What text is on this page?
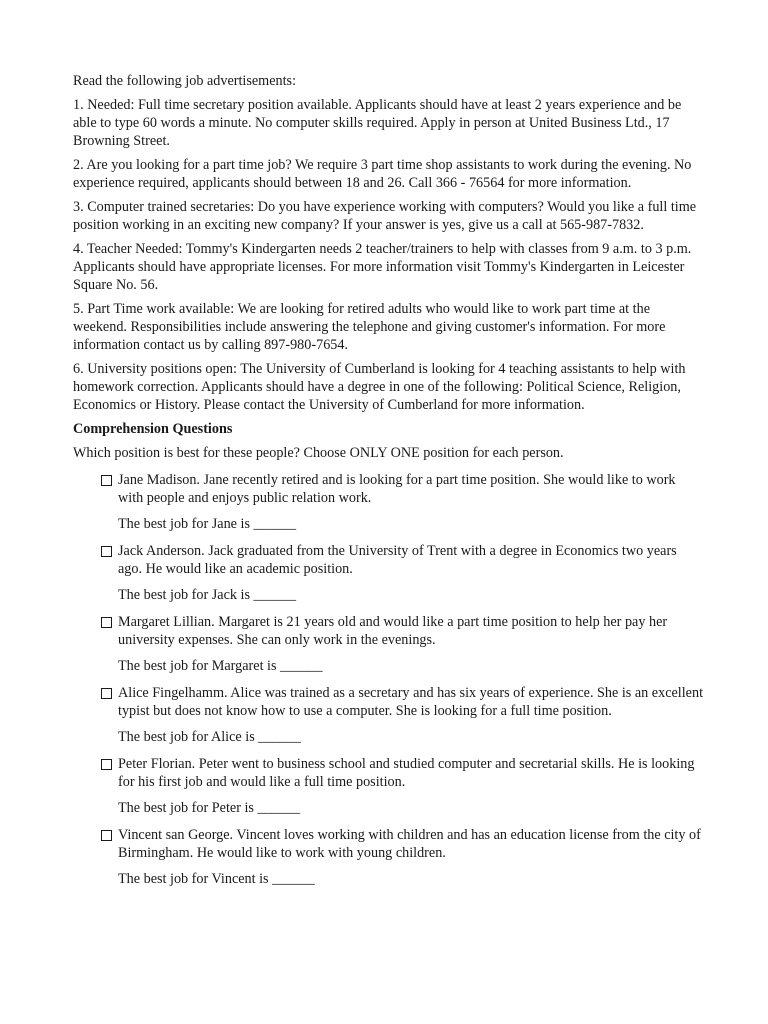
Read the following job advertisements:

1. Needed: Full time secretary position available. Applicants should have at least 2 years experience and be able to type 60 words a minute. No computer skills required. Apply in person at United Business Ltd., 17 Browning Street.

2. Are you looking for a part time job? We require 3 part time shop assistants to work during the evening. No experience required, applicants should between 18 and 26. Call 366 - 76564 for more information.

3. Computer trained secretaries: Do you have experience working with computers? Would you like a full time position working in an exciting new company? If your answer is yes, give us a call at 565-987-7832.

4. Teacher Needed: Tommy's Kindergarten needs 2 teacher/trainers to help with classes from 9 a.m. to 3 p.m. Applicants should have appropriate licenses. For more information visit Tommy's Kindergarten in Leicester Square No. 56.

5. Part Time work available: We are looking for retired adults who would like to work part time at the weekend. Responsibilities include answering the telephone and giving customer's information. For more information contact us by calling 897-980-7654.

6. University positions open: The University of Cumberland is looking for 4 teaching assistants to help with homework correction. Applicants should have a degree in one of the following: Political Science, Religion, Economics or History. Please contact the University of Cumberland for more information.

Comprehension Questions

Which position is best for these people? Choose ONLY ONE position for each person.

Jane Madison. Jane recently retired and is looking for a part time position. She would like to work with people and enjoys public relation work.

The best job for Jane is ______

Jack Anderson. Jack graduated from the University of Trent with a degree in Economics two years ago. He would like an academic position.

The best job for Jack is ______

Margaret Lillian. Margaret is 21 years old and would like a part time position to help her pay her university expenses. She can only work in the evenings.

The best job for Margaret is ______

Alice Fingelhamm. Alice was trained as a secretary and has six years of experience. She is an excellent typist but does not know how to use a computer. She is looking for a full time position.

The best job for Alice is ______

Peter Florian. Peter went to business school and studied computer and secretarial skills. He is looking for his first job and would like a full time position.

The best job for Peter is ______

Vincent san George. Vincent loves working with children and has an education license from the city of Birmingham. He would like to work with young children.

The best job for Vincent is ______
